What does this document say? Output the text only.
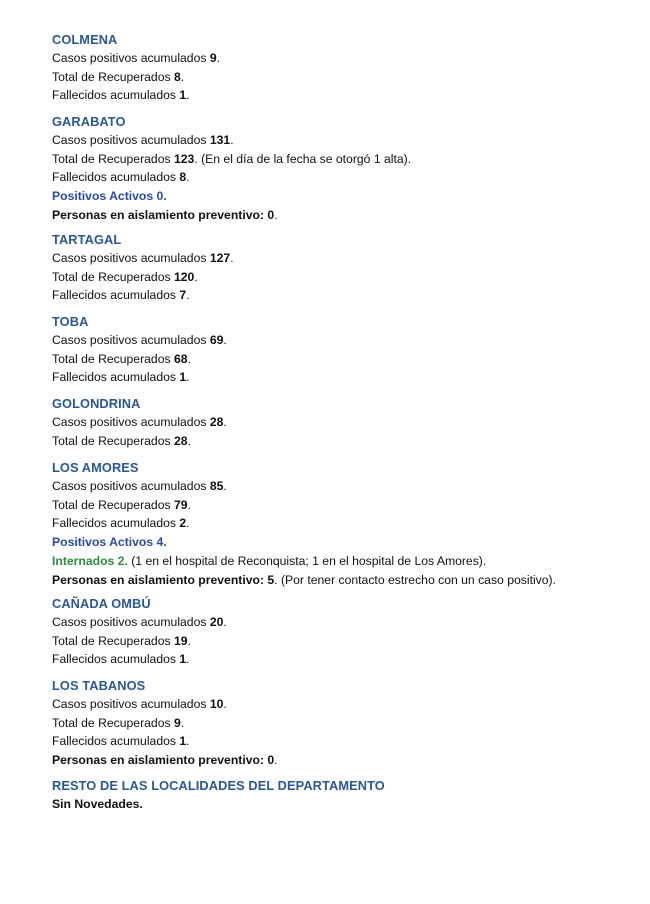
COLMENA
Casos positivos acumulados 9.
Total de Recuperados 8.
Fallecidos acumulados 1.
GARABATO
Casos positivos acumulados 131.
Total de Recuperados 123. (En el día de la fecha se otorgó 1 alta).
Fallecidos acumulados 8.
Positivos Activos 0.
Personas en aislamiento preventivo: 0.
TARTAGAL
Casos positivos acumulados 127.
Total de Recuperados 120.
Fallecidos acumulados 7.
TOBA
Casos positivos acumulados 69.
Total de Recuperados 68.
Fallecidos acumulados 1.
GOLONDRINA
Casos positivos acumulados 28.
Total de Recuperados 28.
LOS AMORES
Casos positivos acumulados 85.
Total de Recuperados 79.
Fallecidos acumulados 2.
Positivos Activos 4.
Internados 2. (1 en el hospital de Reconquista; 1 en el hospital de Los Amores).
Personas en aislamiento preventivo: 5. (Por tener contacto estrecho con un caso positivo).
CAÑADA OMBÚ
Casos positivos acumulados 20.
Total de Recuperados 19.
Fallecidos acumulados 1.
LOS TABANOS
Casos positivos acumulados 10.
Total de Recuperados 9.
Fallecidos acumulados 1.
Personas en aislamiento preventivo: 0.
RESTO DE LAS LOCALIDADES DEL DEPARTAMENTO
Sin Novedades.
